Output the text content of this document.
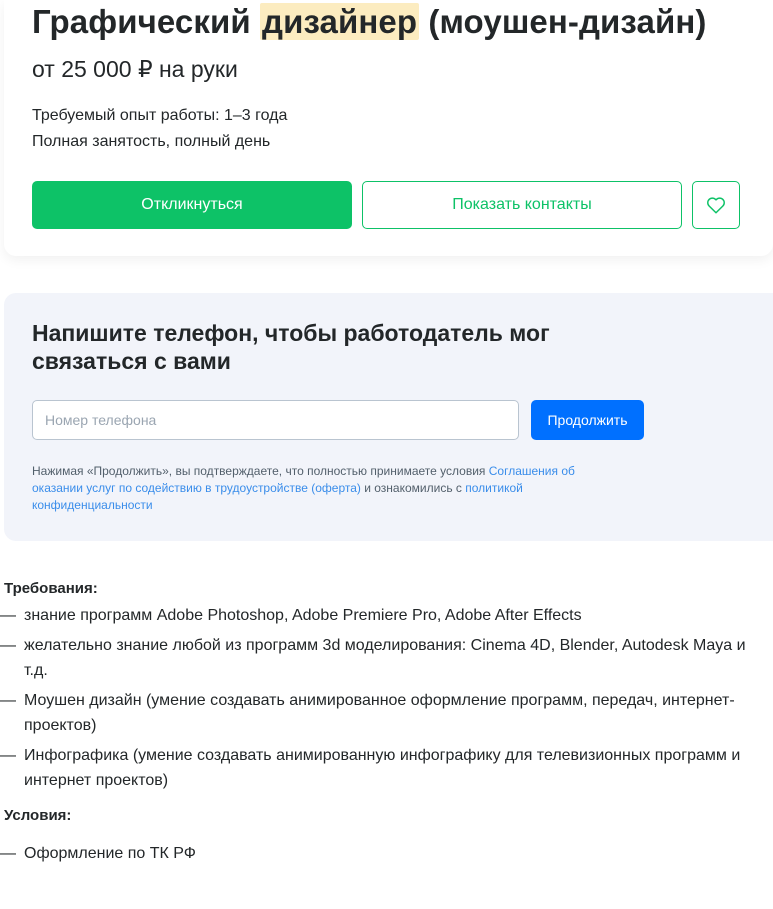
Графический дизайнер (моушен-дизайн)
от 25 000 ₽ на руки
Требуемый опыт работы: 1–3 года
Полная занятость, полный день
Откликнуться	Показать контакты
Напишите телефон, чтобы работодатель мог связаться с вами
Номер телефона
Продолжить
Нажимая «Продолжить», вы подтверждаете, что полностью принимаете условия Соглашения об оказании услуг по содействию в трудоустройстве (оферта) и ознакомились с политикой конфиденциальности
Требования:
— знание программ Adobe Photoshop, Adobe Premiere Pro, Adobe After Effects
— желательно знание любой из программ 3d моделирования: Cinema 4D, Blender, Autodesk Maya и т.д.
— Моушен дизайн (умение создавать анимированное оформление программ, передач, интернет-проектов)
— Инфографика (умение создавать анимированную инфографику для телевизионных программ и интернет проектов)
Условия:
— Оформление по ТК РФ
